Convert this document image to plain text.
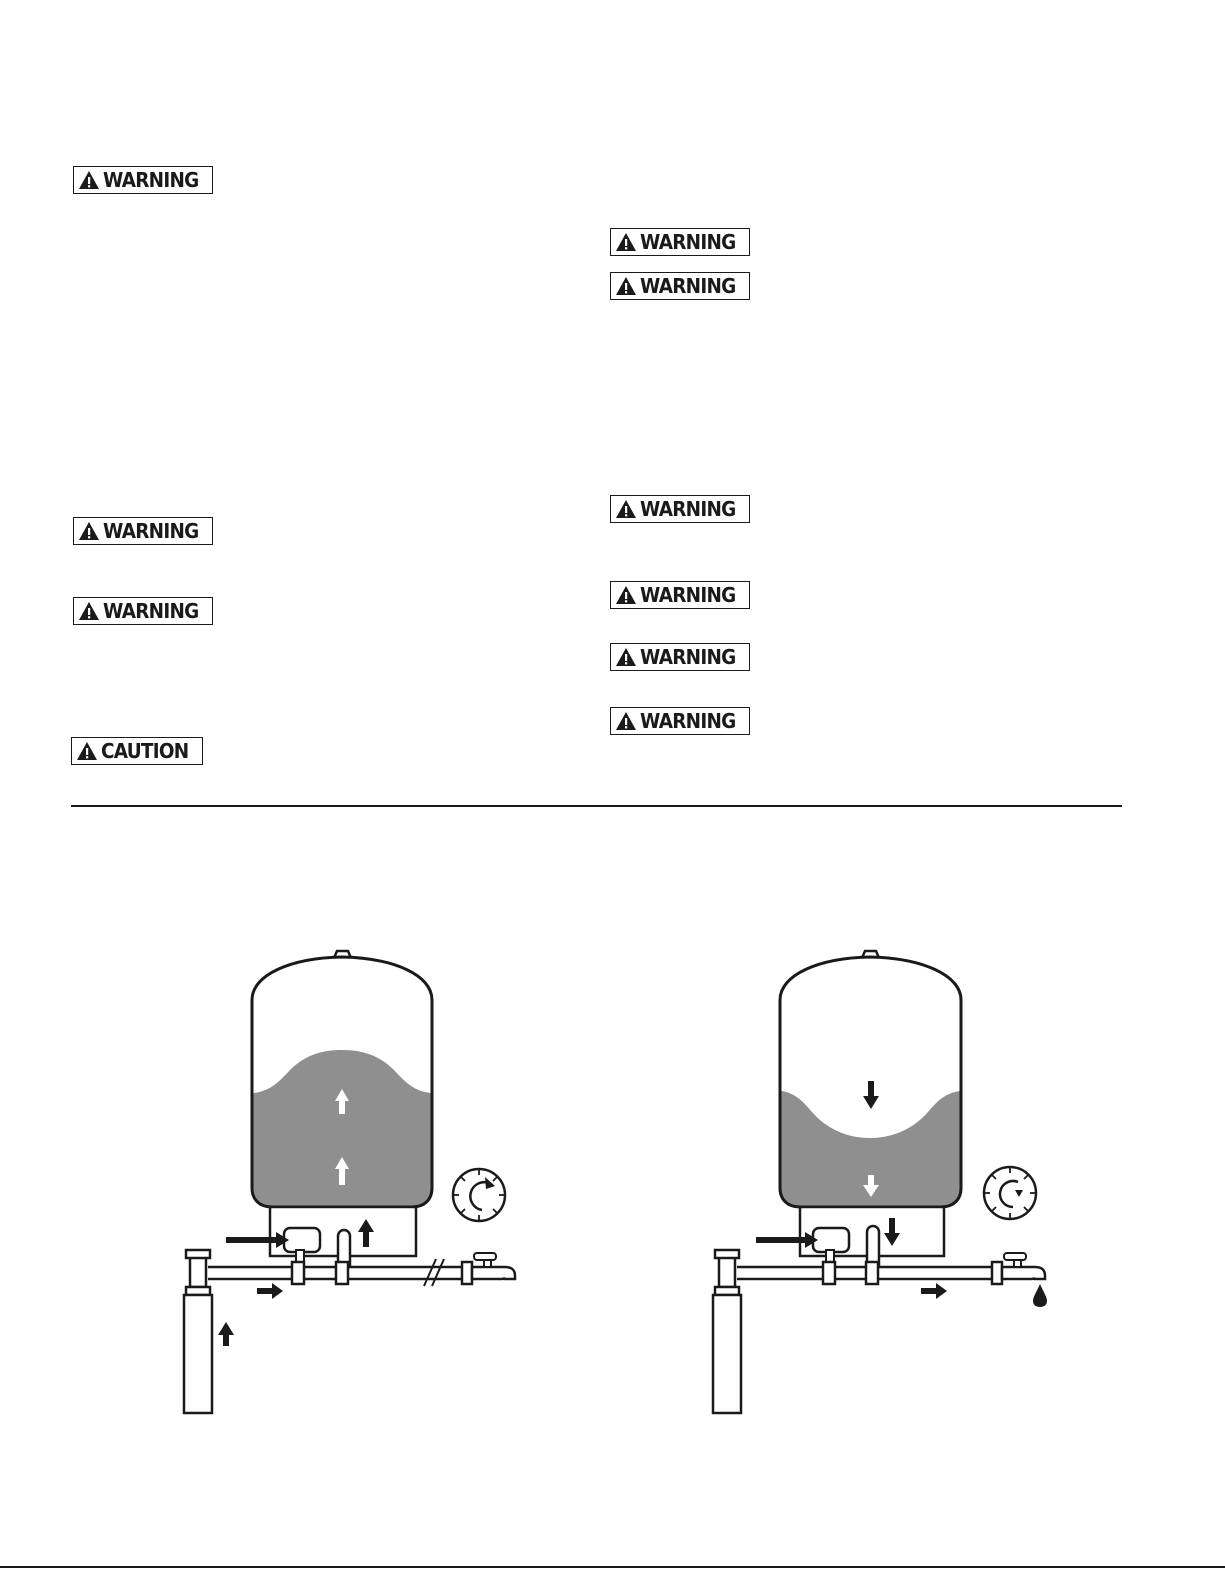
WARNING
WARNING
WARNING
CAUTION
WARNING
WARNING
WARNING
WARNING
WARNING
WARNING
